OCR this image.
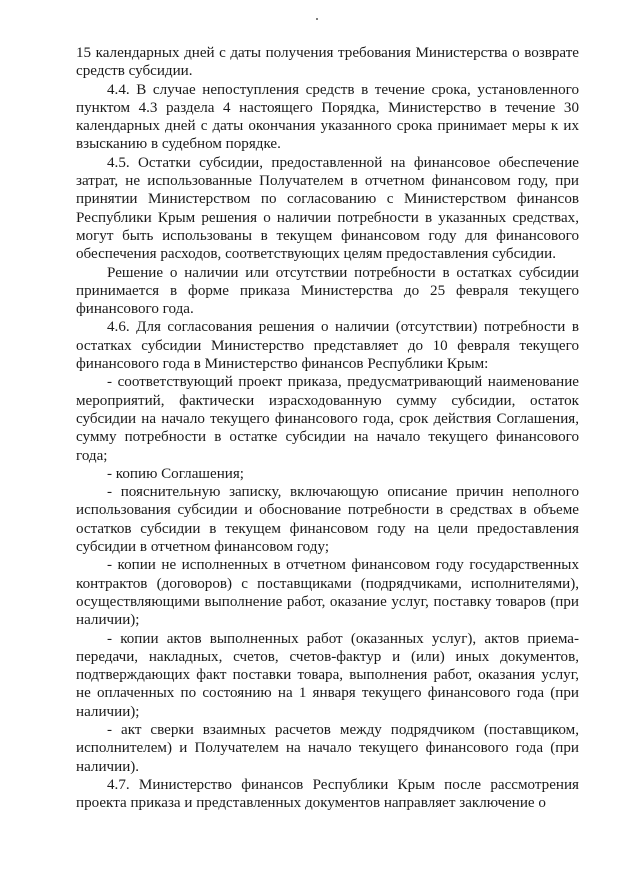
15 календарных дней с даты получения требования Министерства о возврате средств субсидии.

4.4. В случае непоступления средств в течение срока, установленного пунктом 4.3 раздела 4 настоящего Порядка, Министерство в течение 30 календарных дней с даты окончания указанного срока принимает меры к их взысканию в судебном порядке.

4.5. Остатки субсидии, предоставленной на финансовое обеспечение затрат, не использованные Получателем в отчетном финансовом году, при принятии Министерством по согласованию с Министерством финансов Республики Крым решения о наличии потребности в указанных средствах, могут быть использованы в текущем финансовом году для финансового обеспечения расходов, соответствующих целям предоставления субсидии.

Решение о наличии или отсутствии потребности в остатках субсидии принимается в форме приказа Министерства до 25 февраля текущего финансового года.

4.6. Для согласования решения о наличии (отсутствии) потребности в остатках субсидии Министерство представляет до 10 февраля текущего финансового года в Министерство финансов Республики Крым:

- соответствующий проект приказа, предусматривающий наименование мероприятий, фактически израсходованную сумму субсидии, остаток субсидии на начало текущего финансового года, срок действия Соглашения, сумму потребности в остатке субсидии на начало текущего финансового года;

- копию Соглашения;

- пояснительную записку, включающую описание причин неполного использования субсидии и обоснование потребности в средствах в объеме остатков субсидии в текущем финансовом году на цели предоставления субсидии в отчетном финансовом году;

- копии не исполненных в отчетном финансовом году государственных контрактов (договоров) с поставщиками (подрядчиками, исполнителями), осуществляющими выполнение работ, оказание услуг, поставку товаров (при наличии);

- копии актов выполненных работ (оказанных услуг), актов приема-передачи, накладных, счетов, счетов-фактур и (или) иных документов, подтверждающих факт поставки товара, выполнения работ, оказания услуг, не оплаченных по состоянию на 1 января текущего финансового года (при наличии);

- акт сверки взаимных расчетов между подрядчиком (поставщиком, исполнителем) и Получателем на начало текущего финансового года (при наличии).

4.7. Министерство финансов Республики Крым после рассмотрения проекта приказа и представленных документов направляет заключение о
